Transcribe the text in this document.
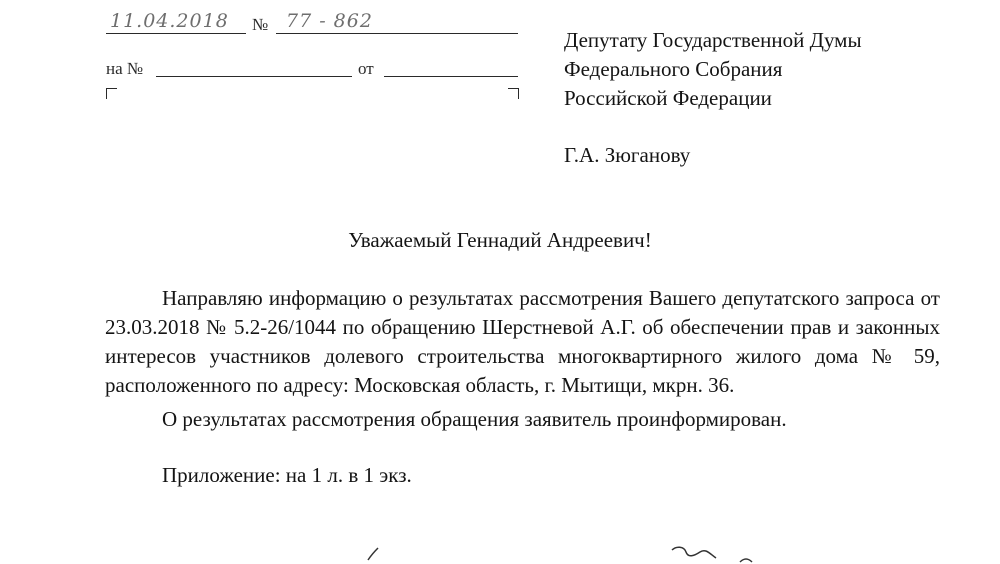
11.04.2018 № 77 - 862
на №	от
Депутату Государственной Думы
Федерального Собрания
Российской Федерации
Г.А. Зюганову
Уважаемый Геннадий Андреевич!
Направляю информацию о результатах рассмотрения Вашего депутатского запроса от 23.03.2018 № 5.2-26/1044 по обращению Шерстневой А.Г. об обеспечении прав и законных интересов участников долевого строительства многоквартирного жилого дома № 59, расположенного по адресу: Московская область, г. Мытищи, мкрн. 36.
О результатах рассмотрения обращения заявитель проинформирован.
Приложение: на 1 л. в 1 экз.
